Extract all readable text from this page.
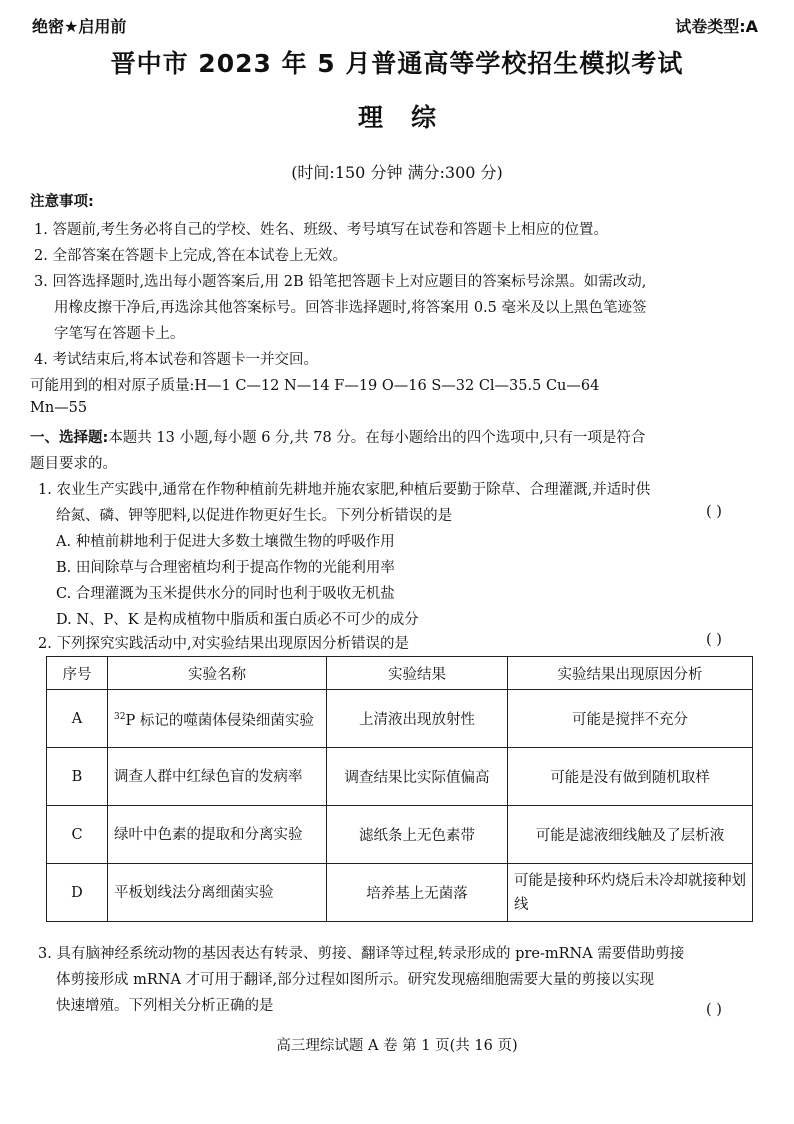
绝密★启用前	试卷类型:A
晋中市 2023 年 5 月普通高等学校招生模拟考试
理综
(时间:150 分钟 满分:300 分)
注意事项:
1. 答题前,考生务必将自己的学校、姓名、班级、考号填写在试卷和答题卡上相应的位置。
2. 全部答案在答题卡上完成,答在本试卷上无效。
3. 回答选择题时,选出每小题答案后,用 2B 铅笔把答题卡上对应题目的答案标号涂黑。如需改动,
用橡皮擦干净后,再选涂其他答案标号。回答非选择题时,将答案用 0.5 毫米及以上黑色笔迹签
字笔写在答题卡上。
4. 考试结束后,将本试卷和答题卡一并交回。
可能用到的相对原子质量:H—1 C—12 N—14 F—19 O—16 S—32 Cl—35.5 Cu—64
Mn—55
一、选择题:本题共 13 小题,每小题 6 分,共 78 分。在每小题给出的四个选项中,只有一项是符合
题目要求的。
1. 农业生产实践中,通常在作物种植前先耕地并施农家肥,种植后要勤于除草、合理灌溉,并适时供
给氮、磷、钾等肥料,以促进作物更好生长。下列分析错误的是	( )
A. 种植前耕地利于促进大多数土壤微生物的呼吸作用
B. 田间除草与合理密植均利于提高作物的光能利用率
C. 合理灌溉为玉米提供水分的同时也利于吸收无机盐
D. N、P、K 是构成植物中脂质和蛋白质必不可少的成分
2. 下列探究实践活动中,对实验结果出现原因分析错误的是	( )
序号	实验名称	实验结果	实验结果出现原因分析
A	$^{32}$P 标记的噬菌体侵染细菌实验	上清液出现放射性	可能是搅拌不充分
B	调查人群中红绿色盲的发病率	调查结果比实际值偏高	可能是没有做到随机取样
C	绿叶中色素的提取和分离实验	滤纸条上无色素带	可能是滤液细线触及了层析液
D	平板划线法分离细菌实验	培养基上无菌落	可能是接种环灼烧后未冷却就接种划线
3. 具有脑神经系统动物的基因表达有转录、剪接、翻译等过程,转录形成的 pre-mRNA 需要借助剪接
体剪接形成 mRNA 才可用于翻译,部分过程如图所示。研究发现癌细胞需要大量的剪接以实现
快速增殖。下列相关分析正确的是	( )
高三理综试题 A 卷 第 1 页(共 16 页)
